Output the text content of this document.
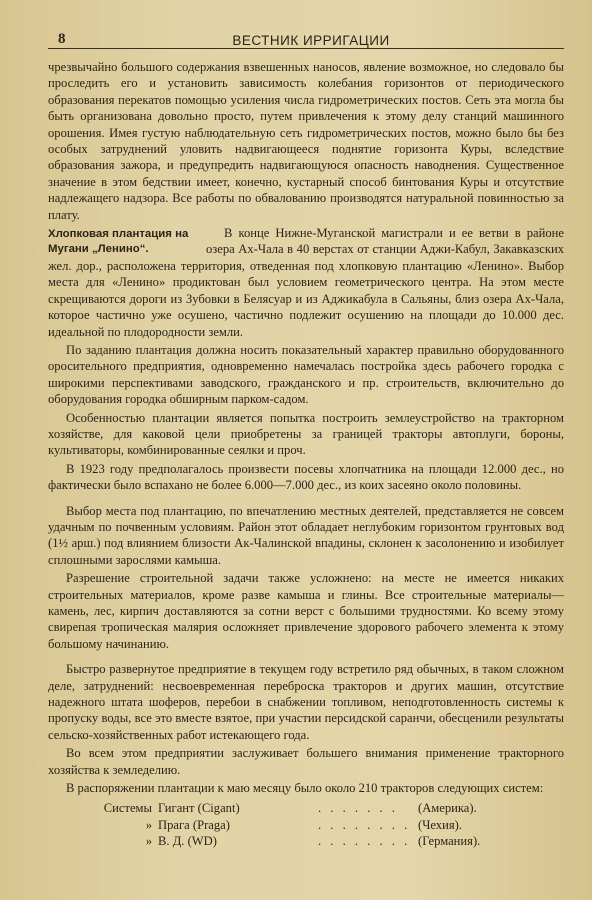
8	ВЕСТНИК ИРРИГАЦИИ

чрезвычайно большого содержания взвешенных наносов, явление возможное, но следовало бы проследить его и установить зависимость колебания горизонтов от периодического образования перекатов помощью усиления числа гидрометрических постов. Сеть эта могла бы быть организована довольно просто, путем привлечения к этому делу станций машинного орошения. Имея густую наблюдательную сеть гидрометрических постов, можно было бы без особых затруднений уловить надвигающееся поднятие горизонта Куры, вследствие образования зажора, и предупредить надвигающуюся опасность наводнения. Существенное значение в этом бедствии имеет, конечно, кустарный способ бинтования Куры и отсутствие надлежащего надзора. Все работы по обвалованию производятся натуральной повинностью за плату.

Хлопковая плантация на Мугани „Ленино“.

В конце Нижне-Муганской магистрали и ее ветви в районе озера Ах-Чала в 40 верстах от станции Аджи-Кабул, Закавказских жел. дор., расположена территория, отведенная под хлопковую плантацию «Ленино». Выбор места для «Ленино» продиктован был условием геометрического центра. На этом месте скрещиваются дороги из Зубовки в Белясуар и из Аджикабула в Сальяны, близ озера Ах-Чала, которое частично уже осушено, частично подлежит осушению на площади до 10.000 дес. идеальной по плодородности земли.

По заданию плантация должна носить показательный характер правильно оборудованного оросительного предприятия, одновременно намечалась постройка здесь рабочего городка с широкими перспективами заводского, гражданского и пр. строительств, включительно до оборудования городка обширным парком-садом.

Особенностью плантации является попытка построить землеустройство на тракторном хозяйстве, для каковой цели приобретены за границей тракторы автоплуги, бороны, культиваторы, комбинированные сеялки и проч.

В 1923 году предполагалось произвести посевы хлопчатника на площади 12.000 дес., но фактически было вспахано не более 6.000—7.000 дес., из коих засеяно около половины.

Выбор места под плантацию, по впечатлению местных деятелей, представляется не совсем удачным по почвенным условиям. Район этот обладает неглубоким горизонтом грунтовых вод (1½ арш.) под влиянием близости Ак-Чалинской впадины, склонен к засолонению и изобилует сплошными зарослями камыша.

Разрешение строительной задачи также усложнено: на месте не имеется никаких строительных материалов, кроме разве камыша и глины. Все строительные материалы—камень, лес, кирпич доставляются за сотни верст с большими трудностями. Ко всему этому свирепая тропическая малярия осложняет привлечение здорового рабочего элемента к этому большому начинанию.

Быстро развернутое предприятие в текущем году встретило ряд обычных, в таком сложном деле, затруднений: несвоевременная переброска тракторов и других машин, отсутствие надежного штата шоферов, перебои в снабжении топливом, неподготовленность системы к пропуску воды, все это вместе взятое, при участии персидской саранчи, обесценили результаты сельско-хозяйственных работ истекающего года.

Во всем этом предприятии заслуживает большего внимания применение тракторного хозяйства к земледелию.

В распоряжении плантации к маю месяцу было около 210 тракторов следующих систем:

Системы Гигант (Cigant)	. . . . . . .	(Америка).
» Прага (Praga)	. . . . . . . . (Чехия).
» В. Д. (WD)	. . . . . . . . (Германия).
